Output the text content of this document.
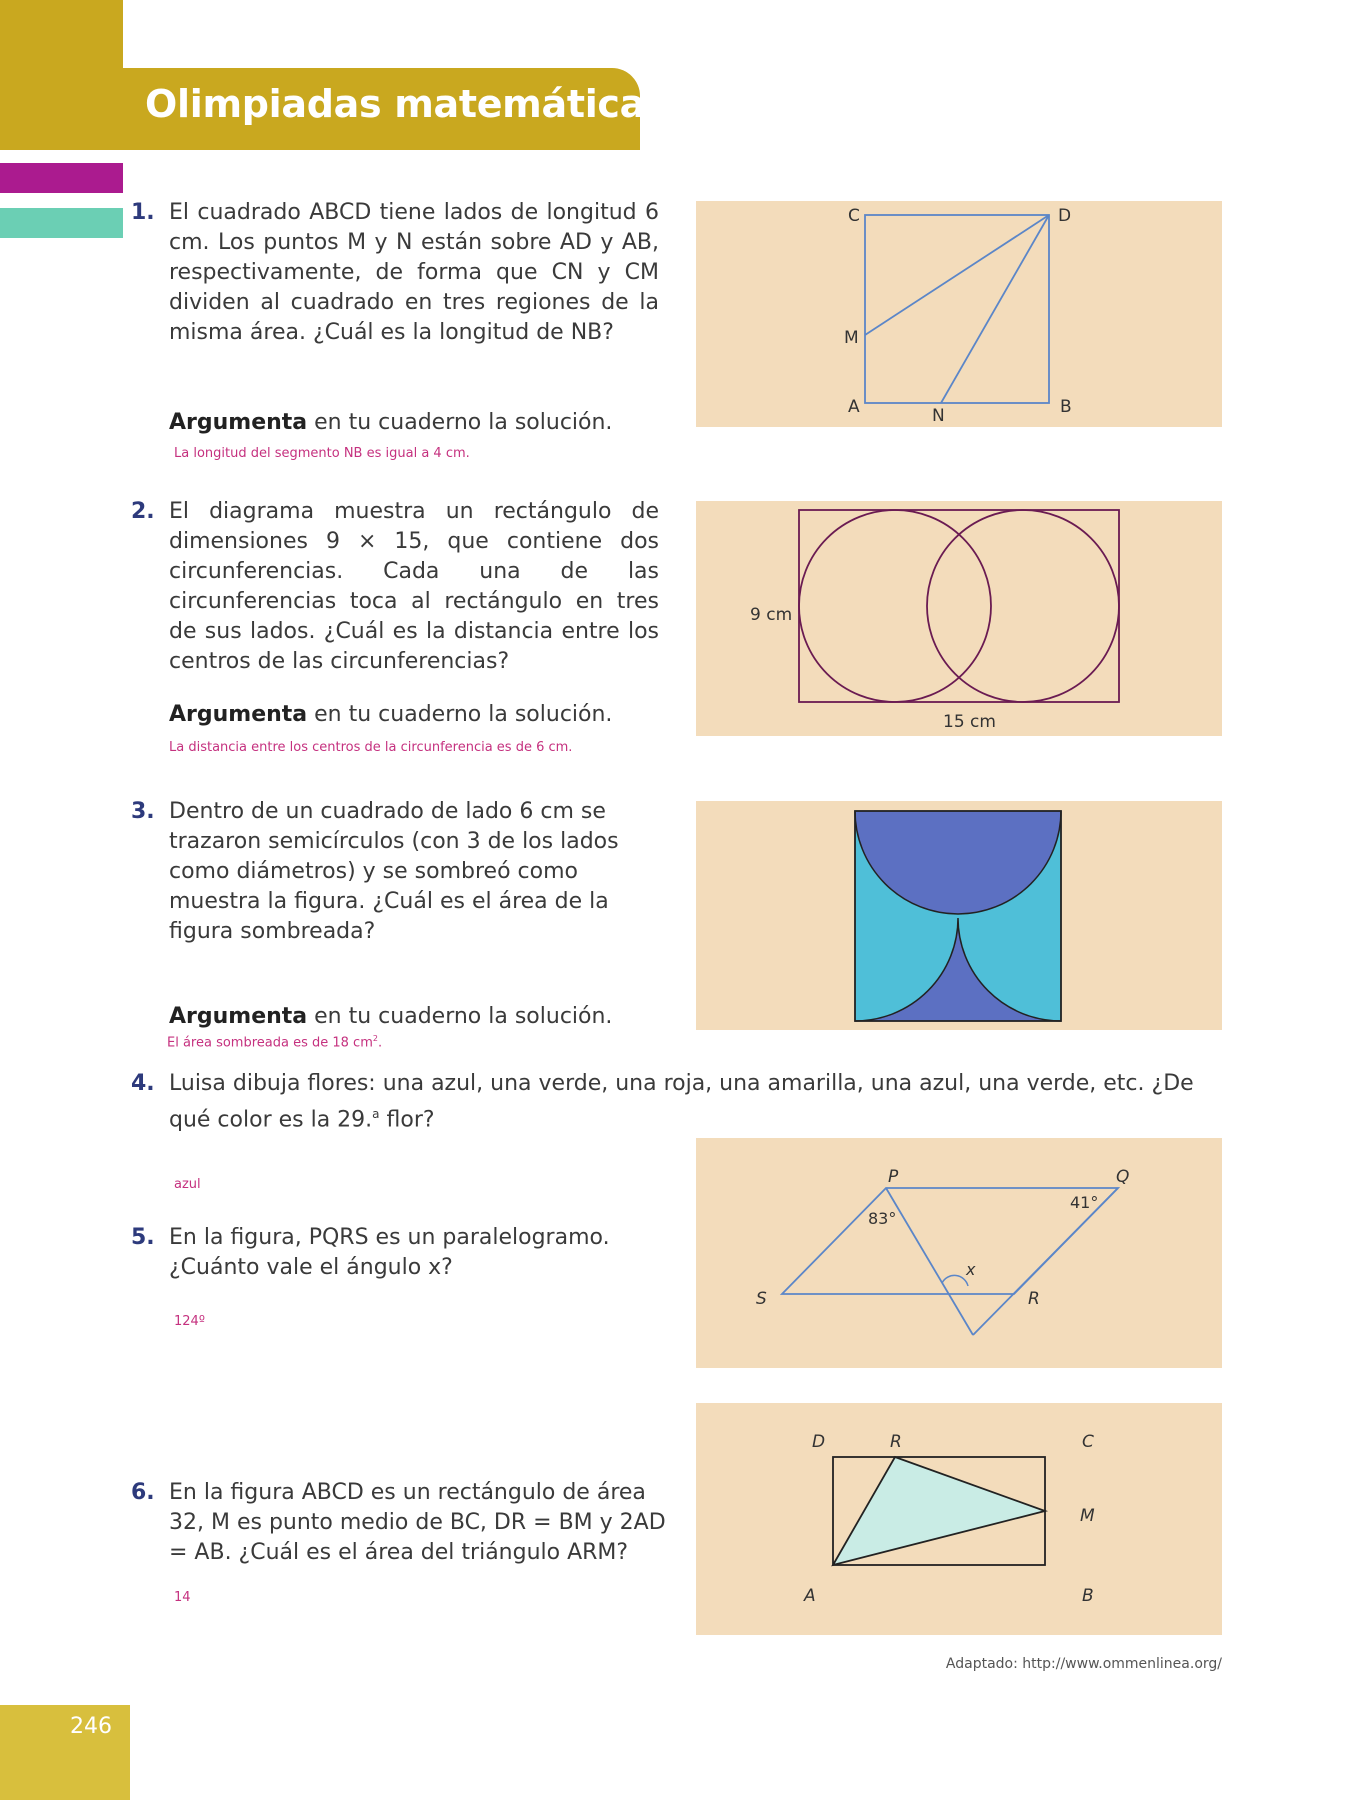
Olimpiadas matemáticas
1. El cuadrado ABCD tiene lados de longitud 6 cm. Los puntos M y N están sobre AD y AB, respectivamente, de forma que CN y CM dividen al cuadrado en tres regiones de la misma área. ¿Cuál es la longitud de NB?
Argumenta en tu cuaderno la solución.
La longitud del segmento NB es igual a 4 cm.
C	D
M
A	N	B
2. El diagrama muestra un rectángulo de dimensiones 9 × 15, que contiene dos circunferencias. Cada una de las circunferencias toca al rectángulo en tres de sus lados. ¿Cuál es la distancia entre los centros de las circunferencias?
Argumenta en tu cuaderno la solución.
La distancia entre los centros de la circunferencia es de 6 cm.
9 cm
15 cm
3. Dentro de un cuadrado de lado 6 cm se trazaron semicírculos (con 3 de los lados como diámetros) y se sombreó como muestra la figura. ¿Cuál es el área de la figura sombreada?
Argumenta en tu cuaderno la solución.
El área sombreada es de 18 $cm^2$.
4. Luisa dibuja flores: una azul, una verde, una roja, una amarilla, una azul, una verde, etc. ¿De qué color es la 29.$^a$ flor?
azul
5. En la figura, PQRS es un paralelogramo. ¿Cuánto vale el ángulo x?
124º
P	Q
S	R
83°
41°
x
6. En la figura ABCD es un rectángulo de área 32, M es punto medio de BC, DR = BM y 2AD = AB. ¿Cuál es el área del triángulo ARM?
14
D	R	C
M
A	B
Adaptado: http://www.ommenlinea.org/
246
